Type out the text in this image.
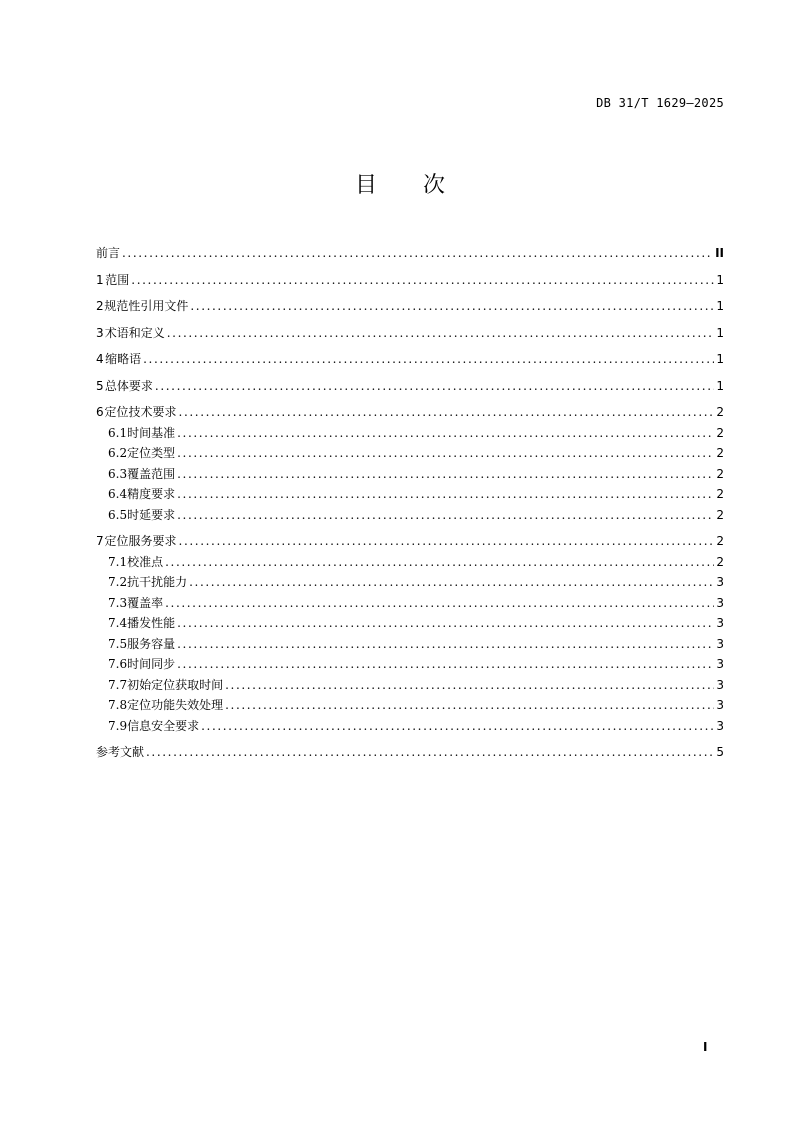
DB 31/T 1629—2025
目 次
前言 .....	II
1 范围 .....	1
2 规范性引用文件 .....	1
3 术语和定义 .....	1
4 缩略语 .....	1
5 总体要求 .....	1
6 定位技术要求 .....	2
6.1 时间基准 .....	2
6.2 定位类型 .....	2
6.3 覆盖范围 .....	2
6.4 精度要求 .....	2
6.5 时延要求 .....	2
7 定位服务要求 .....	2
7.1 校准点 .....	2
7.2 抗干扰能力 .....	3
7.3 覆盖率 .....	3
7.4 播发性能 .....	3
7.5 服务容量 .....	3
7.6 时间同步 .....	3
7.7 初始定位获取时间 .....	3
7.8 定位功能失效处理 .....	3
7.9 信息安全要求 .....	3
参考文献 .....	5
I
